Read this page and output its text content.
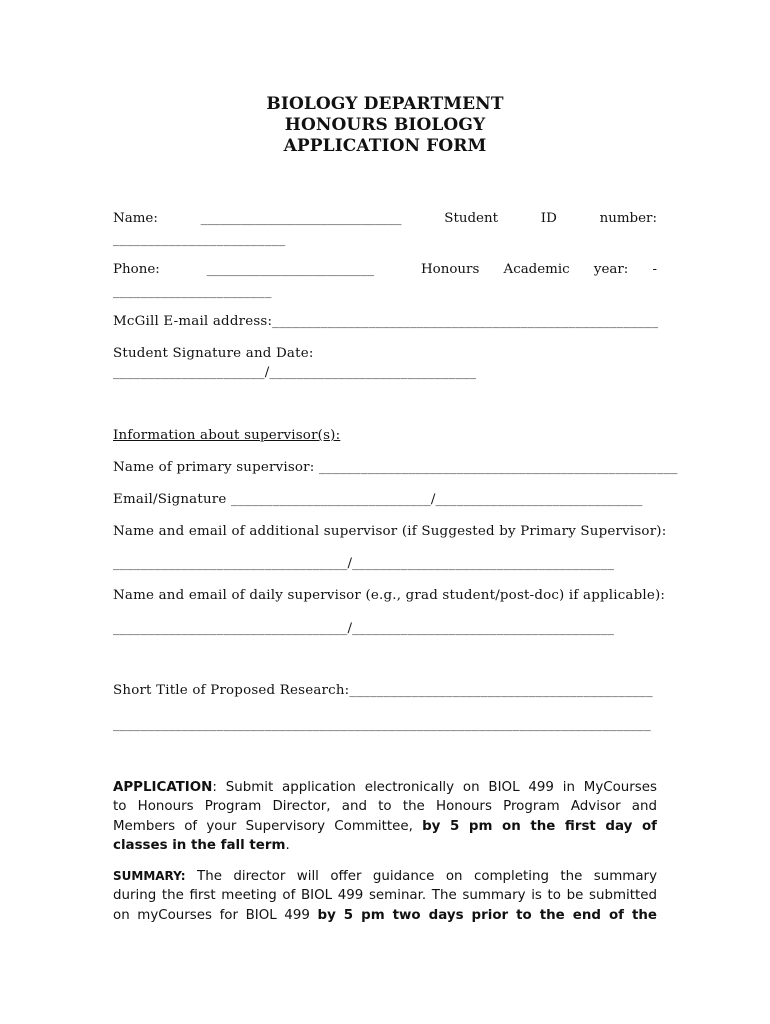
BIOLOGY DEPARTMENT
HONOURS BIOLOGY
APPLICATION FORM
Name:	______________________________	Student	ID	number:
_________________________
Phone:	_________________________	Honours Academic year: -
_______________________
McGill E-mail address:________________________________________________________
Student Signature and Date:
______________________/______________________________
Information about supervisor(s):
Name of primary supervisor: ____________________________________________________
Email/Signature _____________________________/______________________________
Name and email of additional supervisor (if Suggested by Primary Supervisor):
__________________________________/______________________________________
Name and email of daily supervisor (e.g., grad student/post-doc) if applicable):
__________________________________/______________________________________
Short Title of Proposed Research:____________________________________________
______________________________________________________________________________
APPLICATION: Submit application electronically on BIOL 499 in MyCourses
to Honours Program Director, and to the Honours Program Advisor and
Members of your Supervisory Committee, by 5 pm on the first day of
classes in the fall term.
SUMMARY: The director will offer guidance on completing the summary
during the first meeting of BIOL 499 seminar. The summary is to be submitted
on myCourses for BIOL 499 by 5 pm two days prior to the end of the
